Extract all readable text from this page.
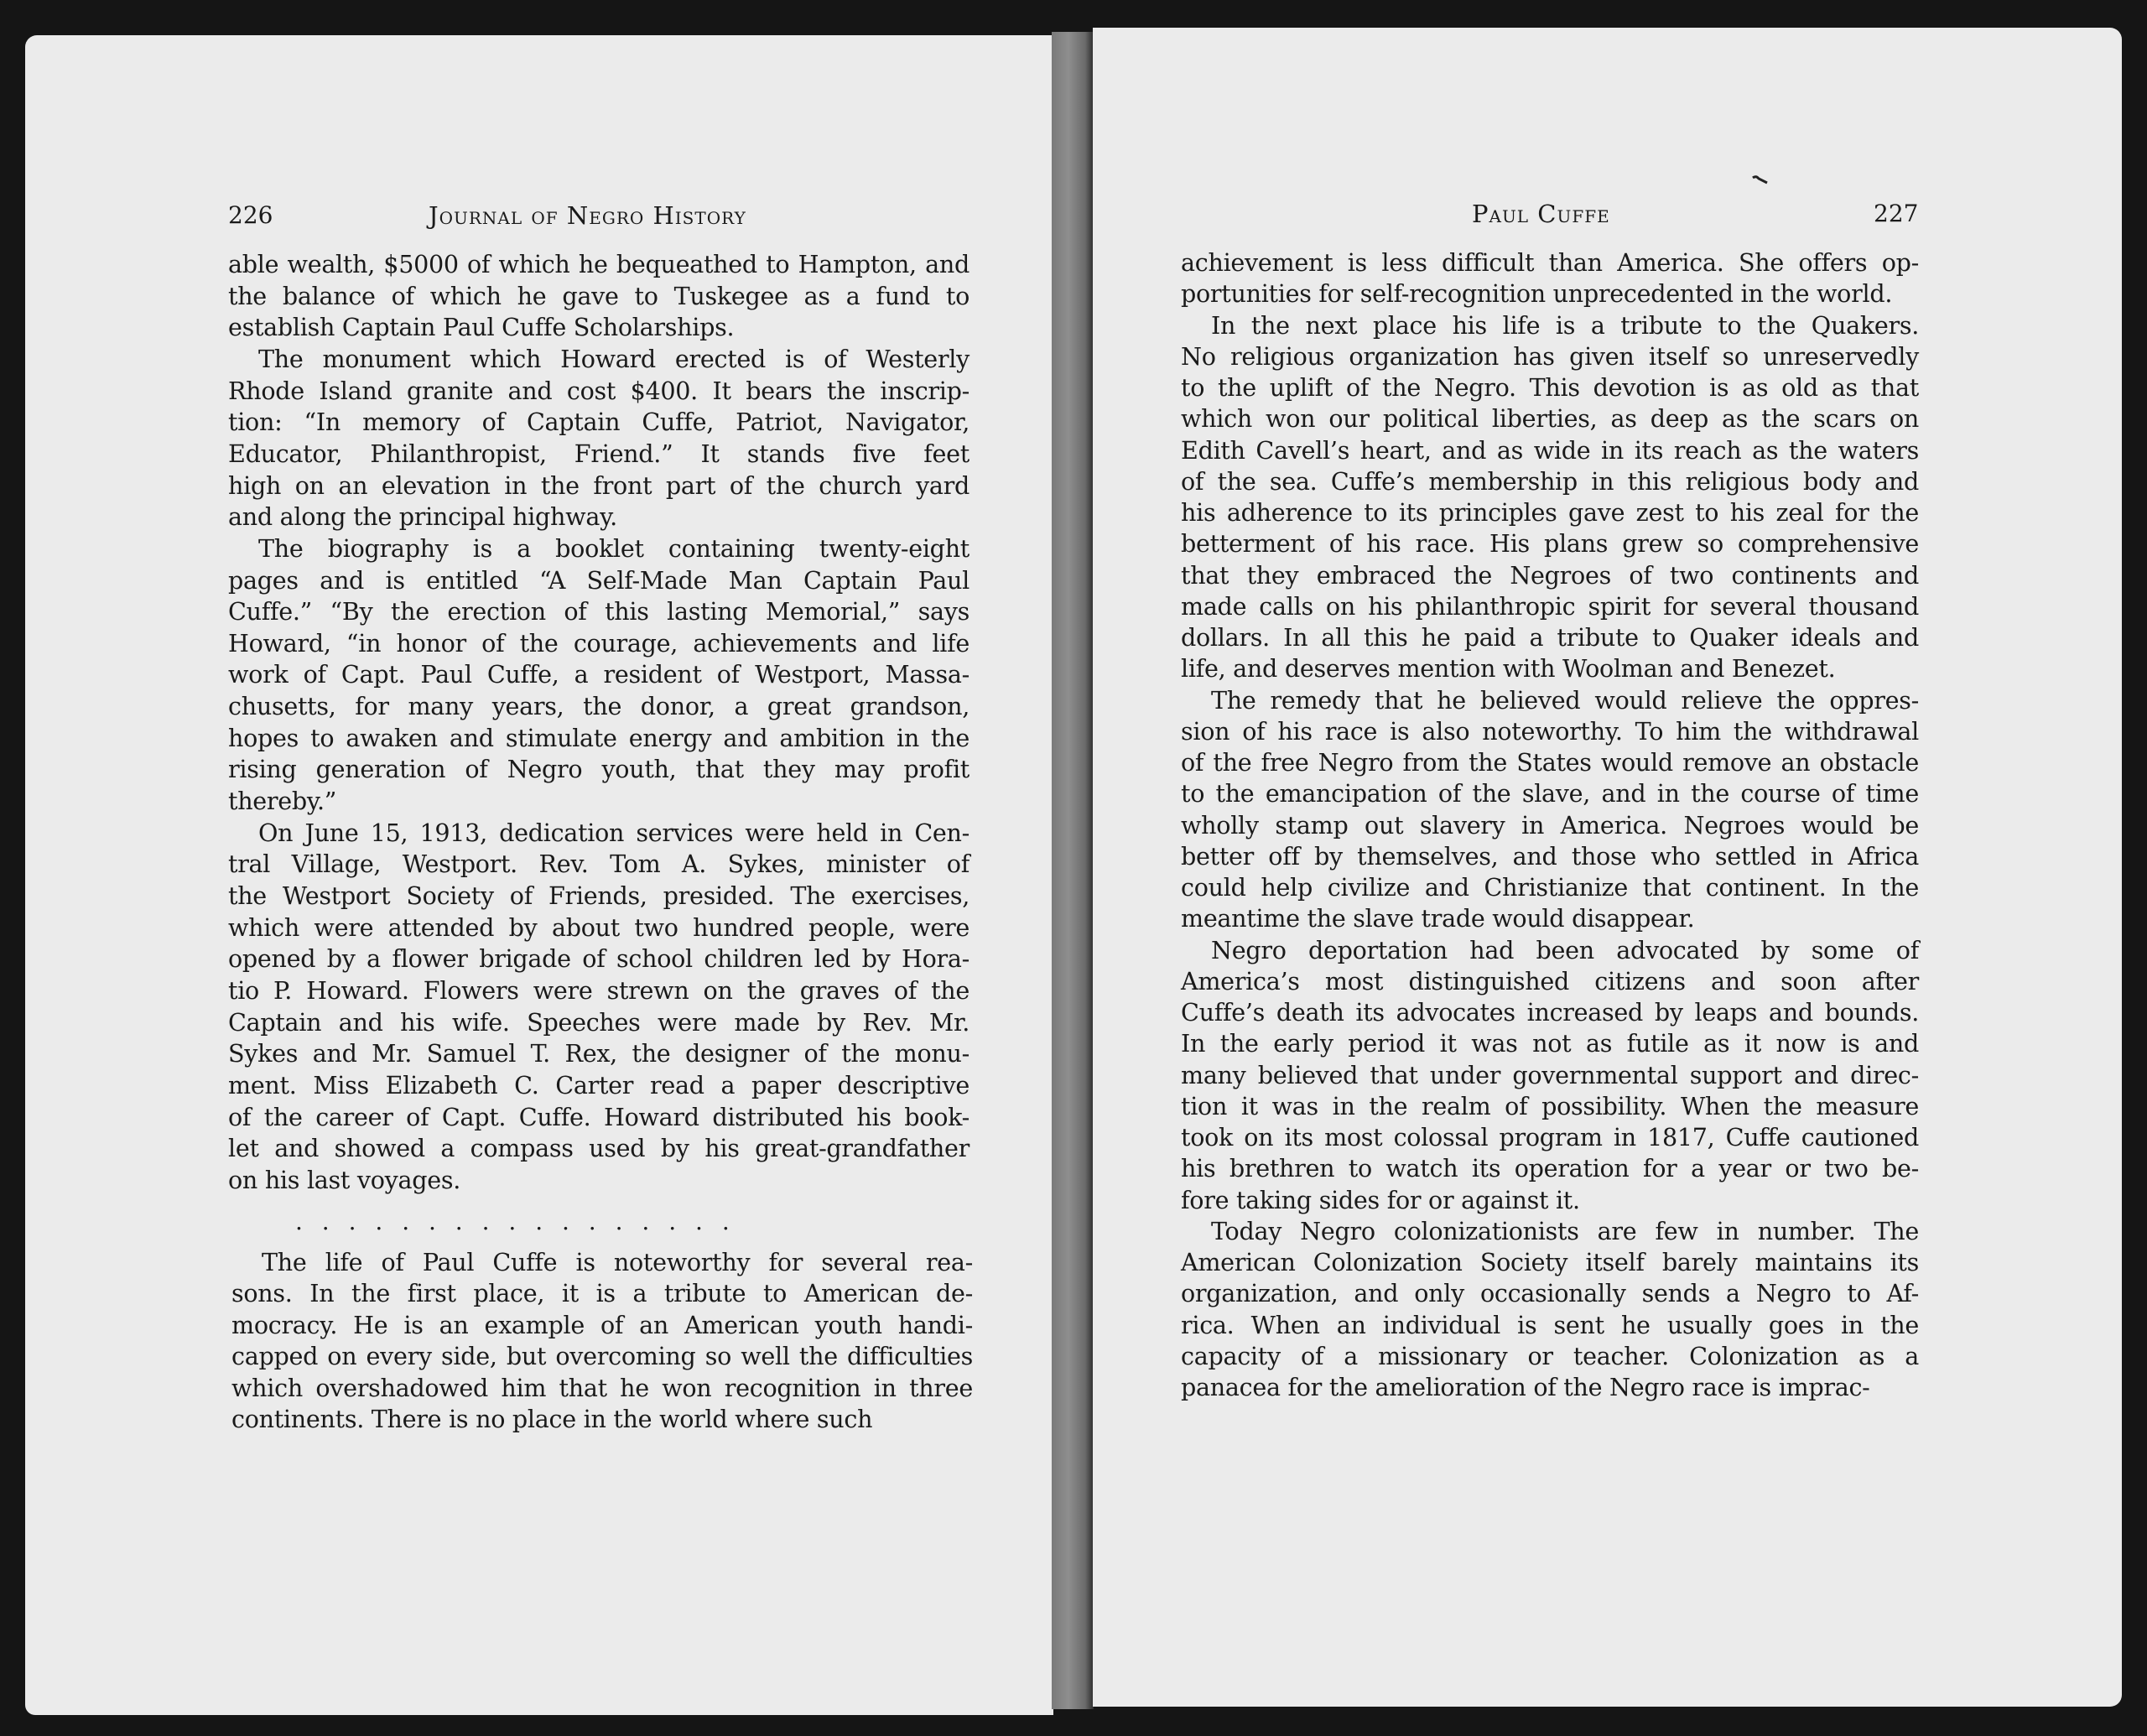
226	Journal of Negro History	Paul Cuffe	227
able wealth, $5000 of which he bequeathed to Hampton, and
the balance of which he gave to Tuskegee as a fund to
establish Captain Paul Cuffe Scholarships.
The monument which Howard erected is of Westerly
Rhode Island granite and cost $400. It bears the inscrip-
tion: “In memory of Captain Cuffe, Patriot, Navigator,
Educator, Philanthropist, Friend.” It stands five feet
high on an elevation in the front part of the church yard
and along the principal highway.
The biography is a booklet containing twenty-eight
pages and is entitled “A Self-Made Man Captain Paul
Cuffe.” “By the erection of this lasting Memorial,” says
Howard, “in honor of the courage, achievements and life
work of Capt. Paul Cuffe, a resident of Westport, Massa-
chusetts, for many years, the donor, a great grandson,
hopes to awaken and stimulate energy and ambition in the
rising generation of Negro youth, that they may profit
thereby.”
On June 15, 1913, dedication services were held in Cen-
tral Village, Westport. Rev. Tom A. Sykes, minister of
the Westport Society of Friends, presided. The exercises,
which were attended by about two hundred people, were
opened by a flower brigade of school children led by Hora-
tio P. Howard. Flowers were strewn on the graves of the
Captain and his wife. Speeches were made by Rev. Mr.
Sykes and Mr. Samuel T. Rex, the designer of the monu-
ment. Miss Elizabeth C. Carter read a paper descriptive
of the career of Capt. Cuffe. Howard distributed his book-
let and showed a compass used by his great-grandfather
on his last voyages.
. . . . . . . . . . . . . . . . .
The life of Paul Cuffe is noteworthy for several rea-
sons. In the first place, it is a tribute to American de-
mocracy. He is an example of an American youth handi-
capped on every side, but overcoming so well the difficulties
which overshadowed him that he won recognition in three
continents. There is no place in the world where such
achievement is less difficult than America. She offers op-
portunities for self-recognition unprecedented in the world.
In the next place his life is a tribute to the Quakers.
No religious organization has given itself so unreservedly
to the uplift of the Negro. This devotion is as old as that
which won our political liberties, as deep as the scars on
Edith Cavell’s heart, and as wide in its reach as the waters
of the sea. Cuffe’s membership in this religious body and
his adherence to its principles gave zest to his zeal for the
betterment of his race. His plans grew so comprehensive
that they embraced the Negroes of two continents and
made calls on his philanthropic spirit for several thousand
dollars. In all this he paid a tribute to Quaker ideals and
life, and deserves mention with Woolman and Benezet.
The remedy that he believed would relieve the oppres-
sion of his race is also noteworthy. To him the withdrawal
of the free Negro from the States would remove an obstacle
to the emancipation of the slave, and in the course of time
wholly stamp out slavery in America. Negroes would be
better off by themselves, and those who settled in Africa
could help civilize and Christianize that continent. In the
meantime the slave trade would disappear.
Negro deportation had been advocated by some of
America’s most distinguished citizens and soon after
Cuffe’s death its advocates increased by leaps and bounds.
In the early period it was not as futile as it now is and
many believed that under governmental support and direc-
tion it was in the realm of possibility. When the measure
took on its most colossal program in 1817, Cuffe cautioned
his brethren to watch its operation for a year or two be-
fore taking sides for or against it.
Today Negro colonizationists are few in number. The
American Colonization Society itself barely maintains its
organization, and only occasionally sends a Negro to Af-
rica. When an individual is sent he usually goes in the
capacity of a missionary or teacher. Colonization as a
panacea for the amelioration of the Negro race is imprac-
